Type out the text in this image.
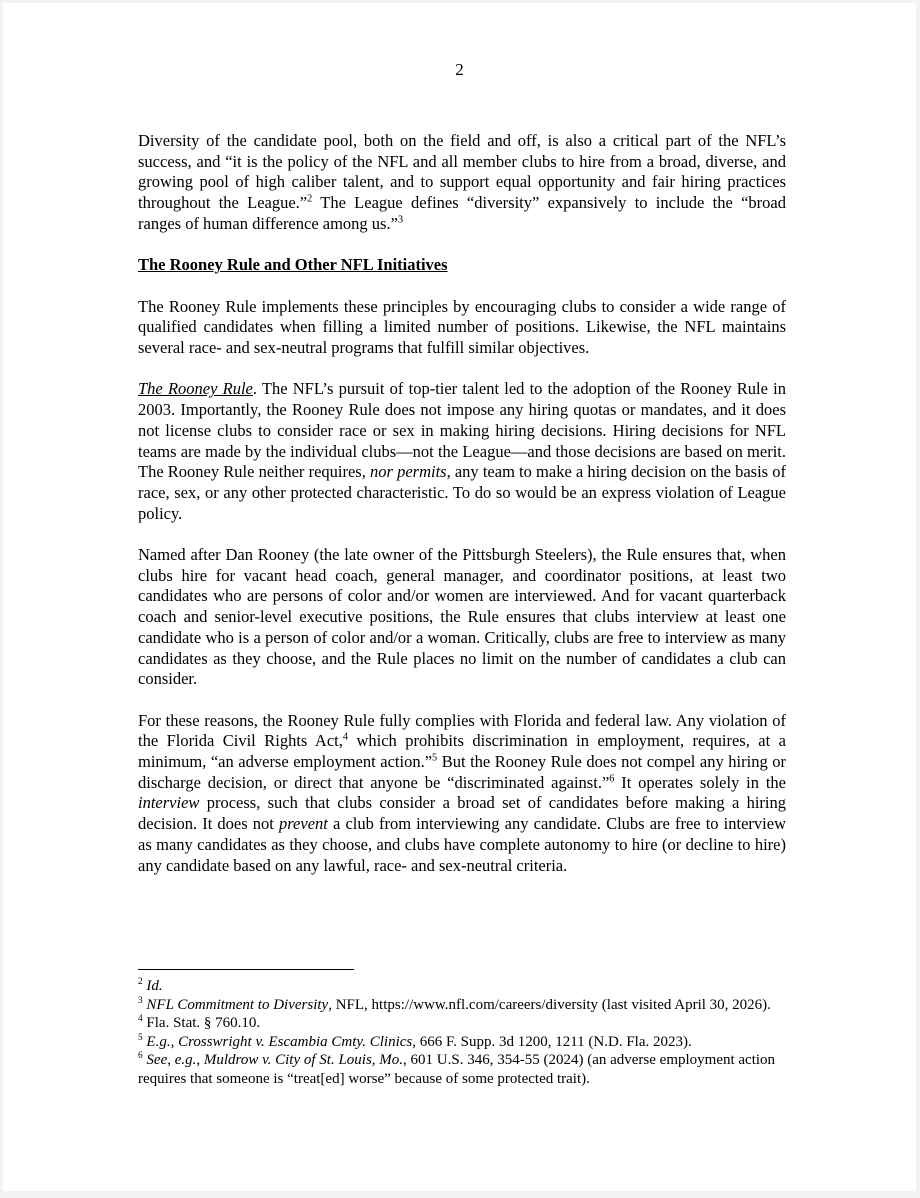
2

Diversity of the candidate pool, both on the field and off, is also a critical part of the NFL’s success, and “it is the policy of the NFL and all member clubs to hire from a broad, diverse, and growing pool of high caliber talent, and to support equal opportunity and fair hiring practices throughout the League.”$^2$ The League defines “diversity” expansively to include the “broad ranges of human difference among us.”$^3$

The Rooney Rule and Other NFL Initiatives

The Rooney Rule implements these principles by encouraging clubs to consider a wide range of qualified candidates when filling a limited number of positions. Likewise, the NFL maintains several race- and sex-neutral programs that fulfill similar objectives.

The Rooney Rule. The NFL’s pursuit of top-tier talent led to the adoption of the Rooney Rule in 2003. Importantly, the Rooney Rule does not impose any hiring quotas or mandates, and it does not license clubs to consider race or sex in making hiring decisions. Hiring decisions for NFL teams are made by the individual clubs—not the League—and those decisions are based on merit. The Rooney Rule neither requires, nor permits, any team to make a hiring decision on the basis of race, sex, or any other protected characteristic. To do so would be an express violation of League policy.

Named after Dan Rooney (the late owner of the Pittsburgh Steelers), the Rule ensures that, when clubs hire for vacant head coach, general manager, and coordinator positions, at least two candidates who are persons of color and/or women are interviewed. And for vacant quarterback coach and senior-level executive positions, the Rule ensures that clubs interview at least one candidate who is a person of color and/or a woman. Critically, clubs are free to interview as many candidates as they choose, and the Rule places no limit on the number of candidates a club can consider.

For these reasons, the Rooney Rule fully complies with Florida and federal law. Any violation of the Florida Civil Rights Act,$^4$ which prohibits discrimination in employment, requires, at a minimum, “an adverse employment action.”$^5$ But the Rooney Rule does not compel any hiring or discharge decision, or direct that anyone be “discriminated against.”$^6$ It operates solely in the interview process, such that clubs consider a broad set of candidates before making a hiring decision. It does not prevent a club from interviewing any candidate. Clubs are free to interview as many candidates as they choose, and clubs have complete autonomy to hire (or decline to hire) any candidate based on any lawful, race- and sex-neutral criteria.

$^2$ Id.
$^3$ NFL Commitment to Diversity, NFL, https://www.nfl.com/careers/diversity (last visited April 30, 2026).
$^4$ Fla. Stat. § 760.10.
$^5$ E.g., Crosswright v. Escambia Cmty. Clinics, 666 F. Supp. 3d 1200, 1211 (N.D. Fla. 2023).
$^6$ See, e.g., Muldrow v. City of St. Louis, Mo., 601 U.S. 346, 354-55 (2024) (an adverse employment action requires that someone is “treat[ed] worse” because of some protected trait).
